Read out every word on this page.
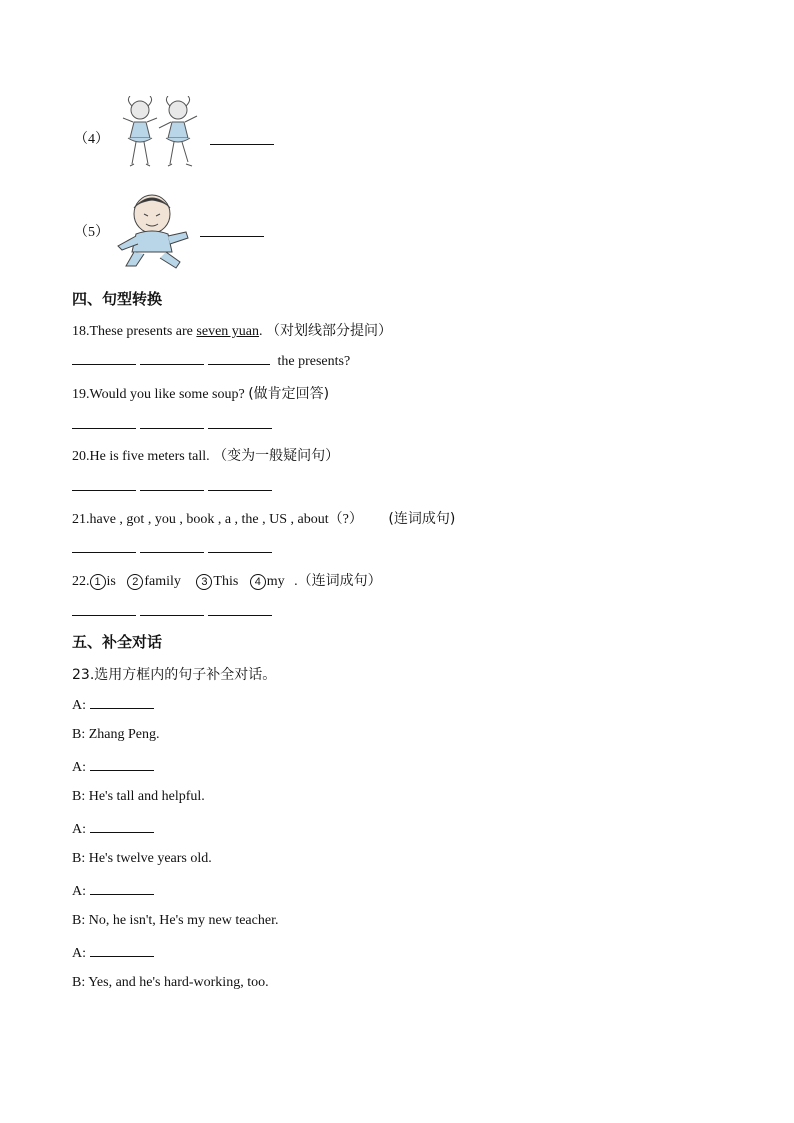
（4）
（5）
四、句型转换
18.These presents are seven yuan. （对划线部分提问）
the presents?
19.Would you like some soup? (做肯定回答)
20.He is five meters tall. （变为一般疑问句）
21.have , got , you , book , a , the , US , about（?） (连词成句)
22. 1 is 2 family 3 This 4 my .（连词成句）
五、补全对话
23.选用方框内的句子补全对话。
A:
B: Zhang Peng.
A:
B: He's tall and helpful.
A:
B: He's twelve years old.
A:
B: No, he isn't, He's my new teacher.
A:
B: Yes, and he's hard-working, too.
